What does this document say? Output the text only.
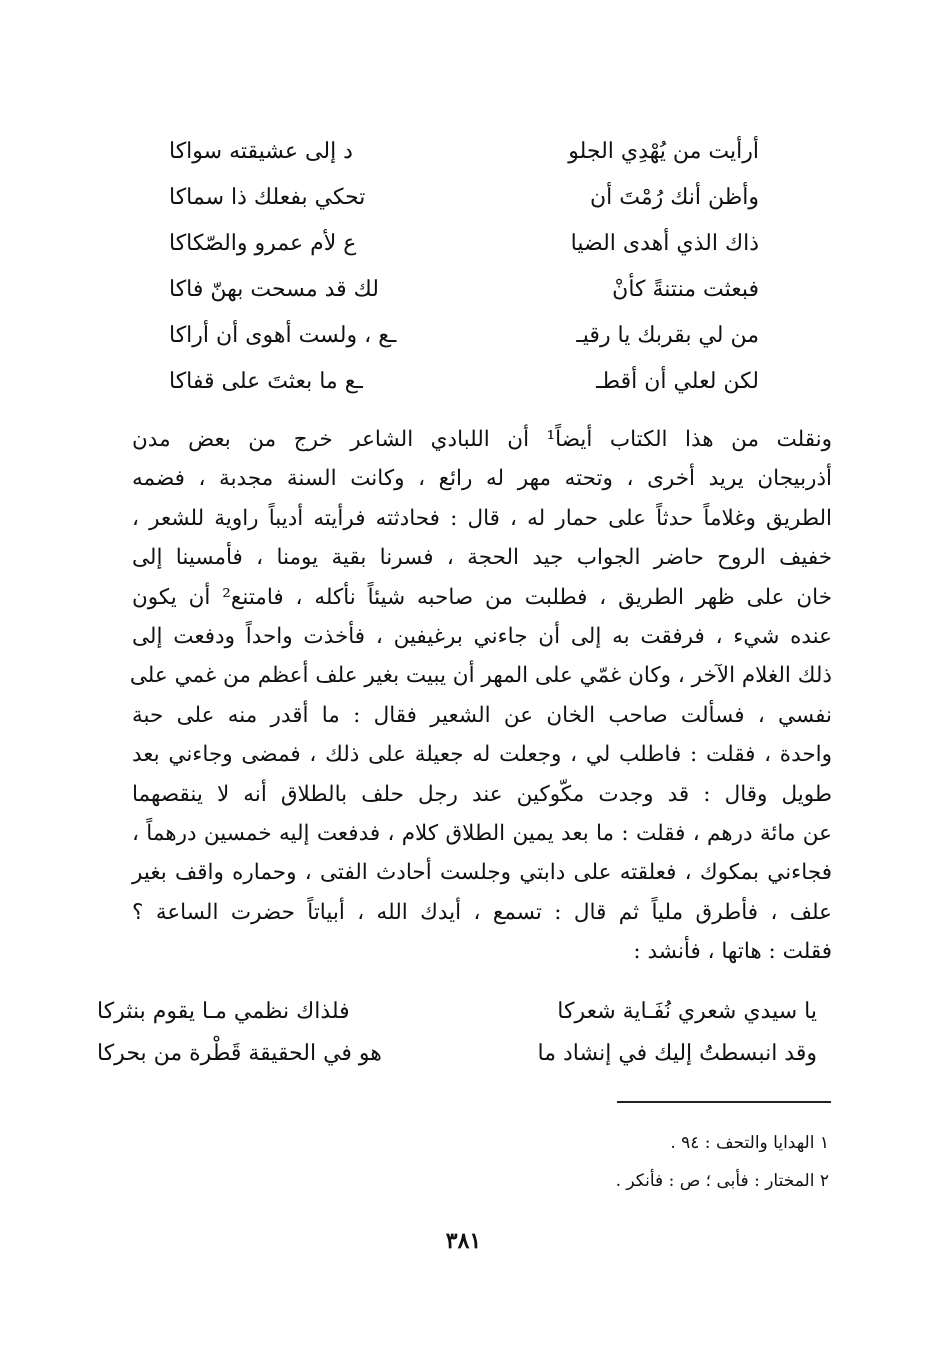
أرأيت من يُهْدِي الجلو
د إلى عشيقته سواكا
وأظن أنك رُمْتَ أن
تحكي بفعلك ذا سماكا
ذاك الذي أهدى الضيا
ع لأم عمرو والصّكاكا
فبعثت منتنةً كأنْ
لك قد مسحت بهنّ فاكا
من لي بقربك يا رقيـ
ـع ، ولست أهوى أن أراكا
لكن لعلي أن أقطـ
ـع ما بعثتَ على قفاكا
ونقلت من هذا الكتاب أيضاً¹ أن اللبادي الشاعر خرج من بعض مدن
أذربيجان يريد أخرى ، وتحته مهر له رائع ، وكانت السنة مجدبة ، فضمه
الطريق وغلاماً حدثاً على حمار له ، قال : فحادثته فرأيته أديباً راوية للشعر ،
خفيف الروح حاضر الجواب جيد الحجة ، فسرنا بقية يومنا ، فأمسينا إلى
خان على ظهر الطريق ، فطلبت من صاحبه شيئاً نأكله ، فامتنع² أن يكون
عنده شيء ، فرفقت به إلى أن جاءني برغيفين ، فأخذت واحداً ودفعت إلى
ذلك الغلام الآخر ، وكان غمّي على المهر أن يبيت بغير علف أعظم من غمي على
نفسي ، فسألت صاحب الخان عن الشعير فقال : ما أقدر منه على حبة
واحدة ، فقلت : فاطلب لي ، وجعلت له جعيلة على ذلك ، فمضى وجاءني بعد
طويل وقال : قد وجدت مكّوكين عند رجل حلف بالطلاق أنه لا ينقصهما
عن مائة درهم ، فقلت : ما بعد يمين الطلاق كلام ، فدفعت إليه خمسين درهماً ،
فجاءني بمكوك ، فعلقته على دابتي وجلست أحادث الفتى ، وحماره واقف بغير
علف ، فأطرق ملياً ثم قال : تسمع ، أيدك الله ، أبياتاً حضرت الساعة ؟
فقلت : هاتها ، فأنشد :
يا سيدي شعري نُفَـاية شعركا
فلذاك نظمي مـا يقوم بنثركا
وقد انبسطتُ إليك في إنشاد ما
هو في الحقيقة قَطْرة من بحركا
١ الهدايا والتحف : ٩٤ .
٢ المختار : فأبى ؛ ص : فأنكر .
٣٨١
